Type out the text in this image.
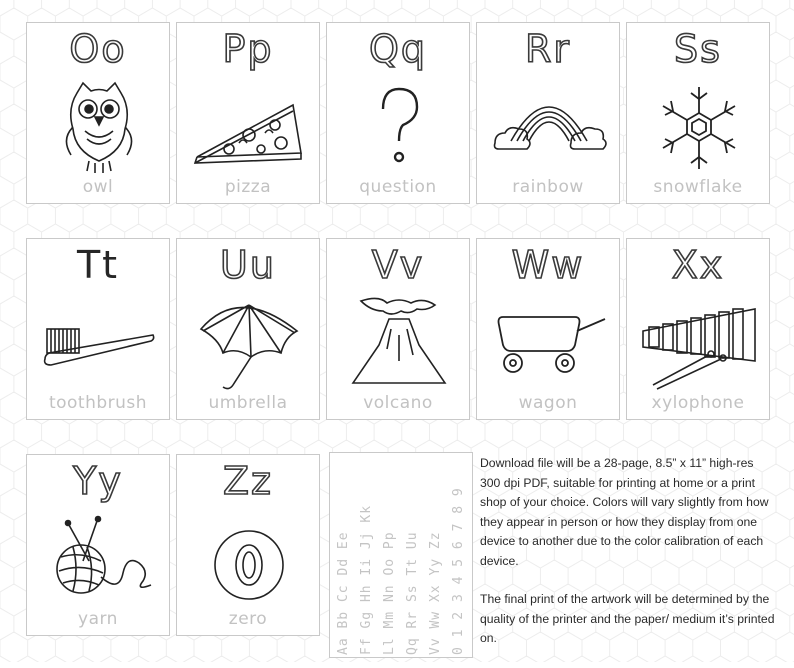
Oo
owl
Pp
pizza
Qq
question
Rr
rainbow
Ss
snowflake
Tt
toothbrush
Uu
umbrella
Vv
volcano
Ww
wagon
Xx
xylophone
Yy
yarn
Zz
zero	Aa Bb Cc Dd Ee Ff Gg Hh Ii Jj Kk Ll Mm Nn Oo Pp Qq Rr Ss Tt Uu Vv Ww Xx Yy Zz 0 1 2 3 4 5 6 7 8 9

Download file will be a 28-page, 8.5” x 11” high-res 300 dpi PDF, suitable for printing at home or a print shop of your choice. Colors will vary slightly from how they appear in person or how they display from one device to another due to the color calibration of each device.

The final print of the artwork will be determined by the quality of the printer and the paper/ medium it’s printed on.
